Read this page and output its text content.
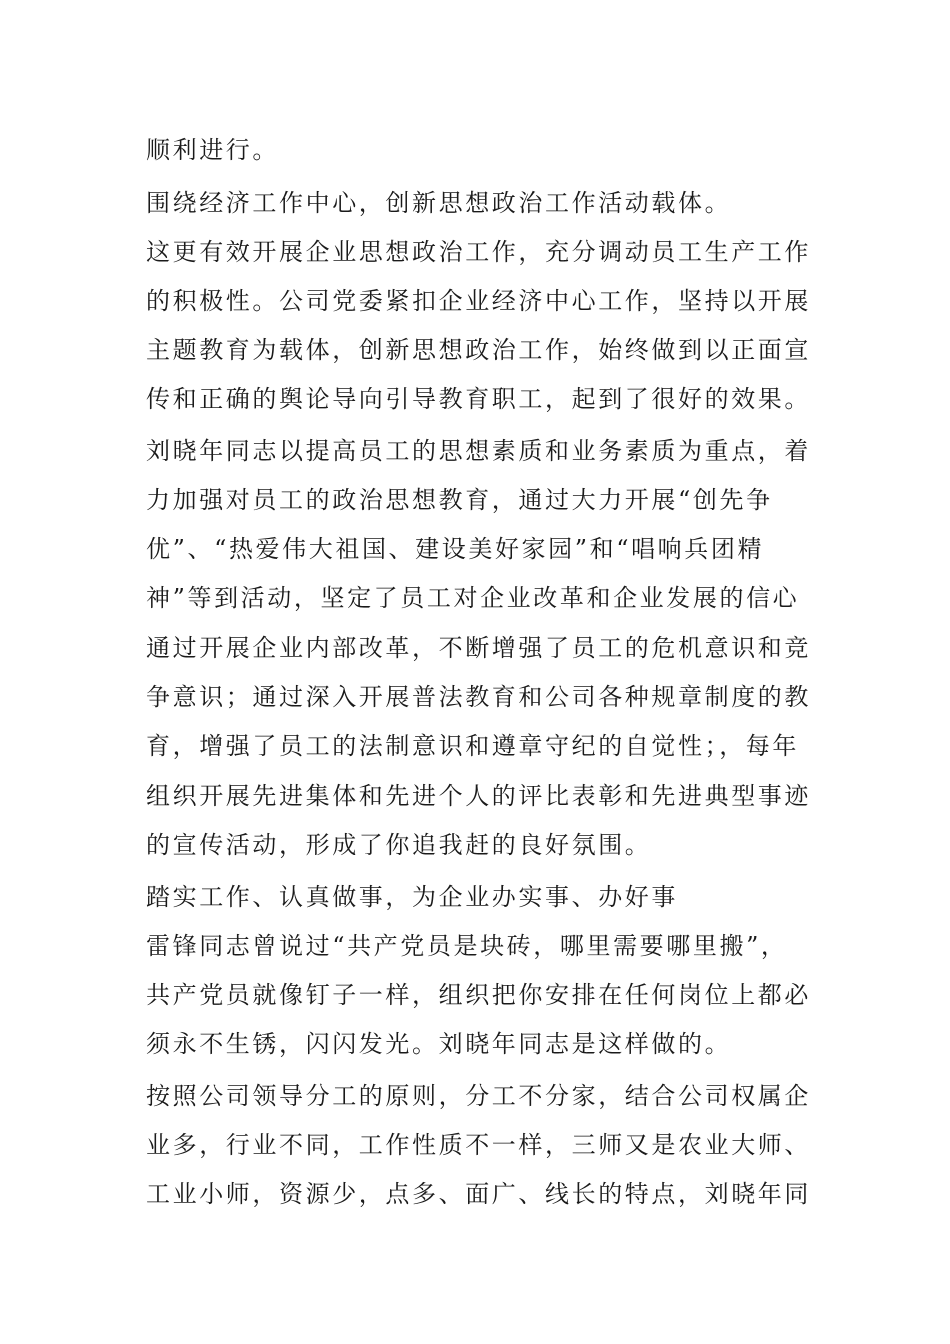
顺利进行。
围绕经济工作中心，创新思想政治工作活动载体。
这更有效开展企业思想政治工作，充分调动员工生产工作
的积极性。公司党委紧扣企业经济中心工作，坚持以开展
主题教育为载体，创新思想政治工作，始终做到以正面宣
传和正确的舆论导向引导教育职工，起到了很好的效果。
刘晓年同志以提高员工的思想素质和业务素质为重点，着
力加强对员工的政治思想教育，通过大力开展“创先争
优”、“热爱伟大祖国、建设美好家园”和“唱响兵团精
神”等到活动，坚定了员工对企业改革和企业发展的信心
通过开展企业内部改革，不断增强了员工的危机意识和竞
争意识；通过深入开展普法教育和公司各种规章制度的教
育，增强了员工的法制意识和遵章守纪的自觉性；，每年
组织开展先进集体和先进个人的评比表彰和先进典型事迹
的宣传活动，形成了你追我赶的良好氛围。
踏实工作、认真做事，为企业办实事、办好事
雷锋同志曾说过“共产党员是块砖，哪里需要哪里搬”，
共产党员就像钉子一样，组织把你安排在任何岗位上都必
须永不生锈，闪闪发光。刘晓年同志是这样做的。
按照公司领导分工的原则，分工不分家，结合公司权属企
业多，行业不同，工作性质不一样，三师又是农业大师、
工业小师，资源少，点多、面广、线长的特点，刘晓年同
